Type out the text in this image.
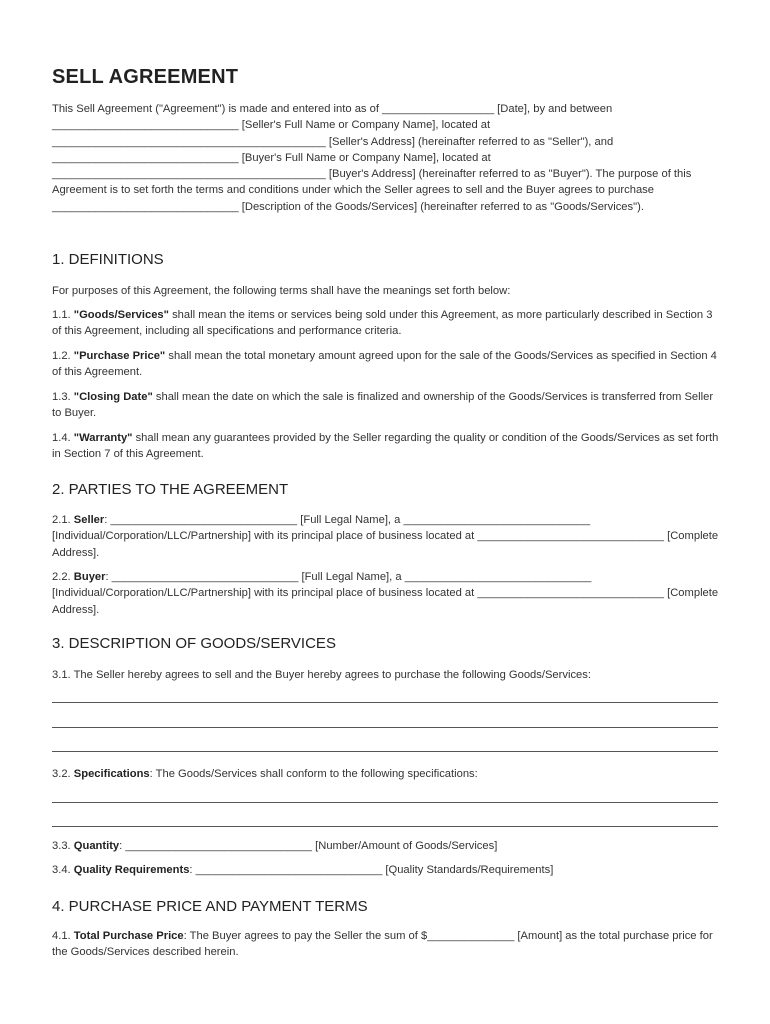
SELL AGREEMENT

This Sell Agreement ("Agreement") is made and entered into as of __________________ [Date], by and between ______________________________ [Seller's Full Name or Company Name], located at ____________________________________________ [Seller's Address] (hereinafter referred to as "Seller"), and ______________________________ [Buyer's Full Name or Company Name], located at ____________________________________________ [Buyer's Address] (hereinafter referred to as "Buyer"). The purpose of this Agreement is to set forth the terms and conditions under which the Seller agrees to sell and the Buyer agrees to purchase ______________________________ [Description of the Goods/Services] (hereinafter referred to as "Goods/Services").

1. DEFINITIONS

For purposes of this Agreement, the following terms shall have the meanings set forth below:

1.1. "Goods/Services" shall mean the items or services being sold under this Agreement, as more particularly described in Section 3 of this Agreement, including all specifications and performance criteria.

1.2. "Purchase Price" shall mean the total monetary amount agreed upon for the sale of the Goods/Services as specified in Section 4 of this Agreement.

1.3. "Closing Date" shall mean the date on which the sale is finalized and ownership of the Goods/Services is transferred from Seller to Buyer.

1.4. "Warranty" shall mean any guarantees provided by the Seller regarding the quality or condition of the Goods/Services as set forth in Section 7 of this Agreement.

2. PARTIES TO THE AGREEMENT

2.1. Seller: ______________________________ [Full Legal Name], a ______________________________ [Individual/Corporation/LLC/Partnership] with its principal place of business located at ______________________________ [Complete Address].

2.2. Buyer: ______________________________ [Full Legal Name], a ______________________________ [Individual/Corporation/LLC/Partnership] with its principal place of business located at ______________________________ [Complete Address].

3. DESCRIPTION OF GOODS/SERVICES

3.1. The Seller hereby agrees to sell and the Buyer hereby agrees to purchase the following Goods/Services:

3.2. Specifications: The Goods/Services shall conform to the following specifications:

3.3. Quantity: ______________________________ [Number/Amount of Goods/Services]

3.4. Quality Requirements: ______________________________ [Quality Standards/Requirements]

4. PURCHASE PRICE AND PAYMENT TERMS

4.1. Total Purchase Price: The Buyer agrees to pay the Seller the sum of $______________ [Amount] as the total purchase price for the Goods/Services described herein.
